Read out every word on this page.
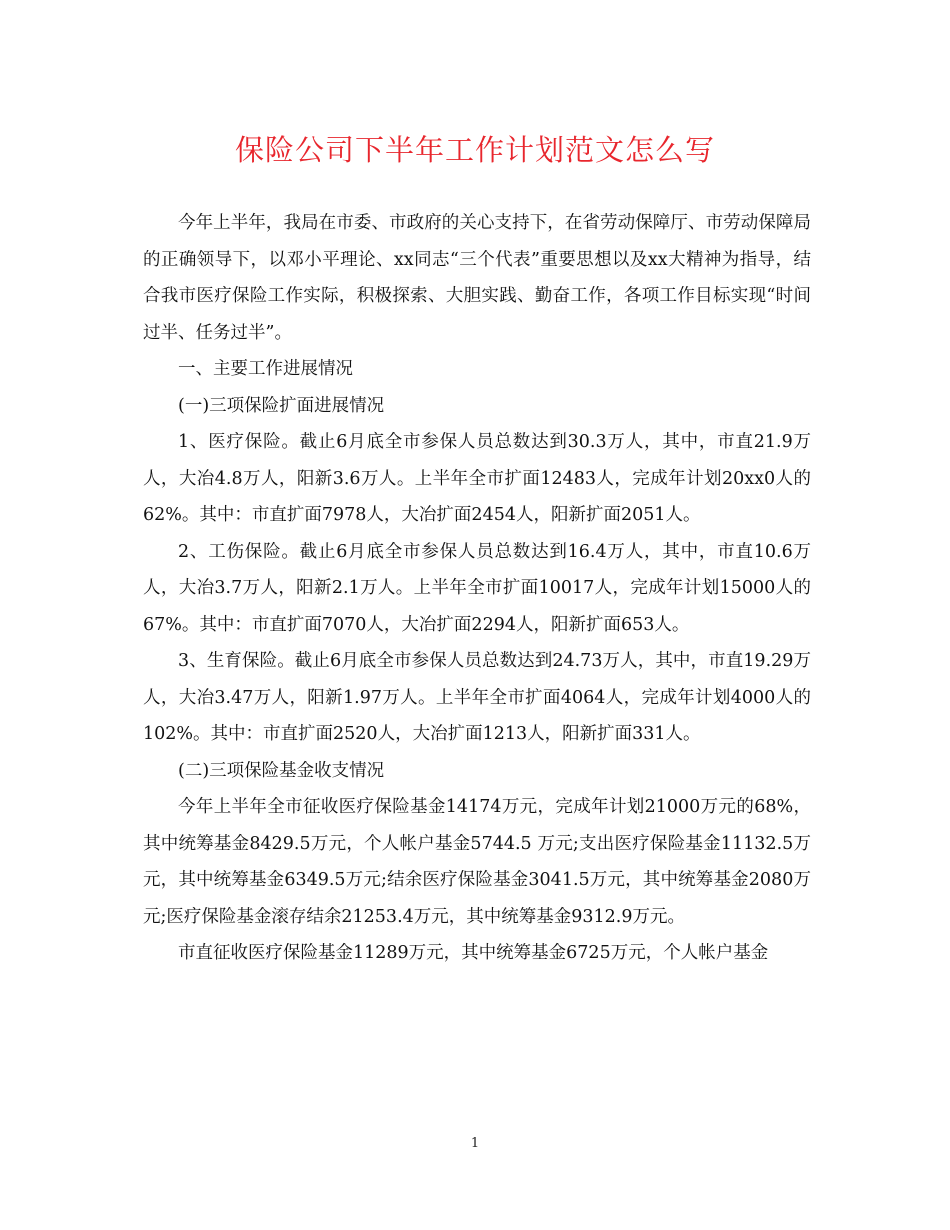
保险公司下半年工作计划范文怎么写

今年上半年，我局在市委、市政府的关心支持下，在省劳动保障厅、市劳动保障局的正确领导下，以邓小平理论、xx同志“三个代表”重要思想以及xx大精神为指导，结合我市医疗保险工作实际，积极探索、大胆实践、勤奋工作，各项工作目标实现“时间过半、任务过半”。

一、主要工作进展情况

(一)三项保险扩面进展情况

1、医疗保险。截止6月底全市参保人员总数达到30.3万人，其中，市直21.9万人，大冶4.8万人，阳新3.6万人。上半年全市扩面12483人，完成年计划20xx0人的62%。其中：市直扩面7978人，大冶扩面2454人，阳新扩面2051人。

2、工伤保险。截止6月底全市参保人员总数达到16.4万人，其中，市直10.6万人，大冶3.7万人，阳新2.1万人。上半年全市扩面10017人，完成年计划15000人的67%。其中：市直扩面7070人，大冶扩面2294人，阳新扩面653人。

3、生育保险。截止6月底全市参保人员总数达到24.73万人，其中，市直19.29万人，大冶3.47万人，阳新1.97万人。上半年全市扩面4064人，完成年计划4000人的102%。其中：市直扩面2520人，大冶扩面1213人，阳新扩面331人。

(二)三项保险基金收支情况

今年上半年全市征收医疗保险基金14174万元，完成年计划21000万元的68%，其中统筹基金8429.5万元，个人帐户基金5744.5 万元;支出医疗保险基金11132.5万元，其中统筹基金6349.5万元;结余医疗保险基金3041.5万元，其中统筹基金2080万元;医疗保险基金滚存结余21253.4万元，其中统筹基金9312.9万元。

市直征收医疗保险基金11289万元，其中统筹基金6725万元，个人帐户基金

1
